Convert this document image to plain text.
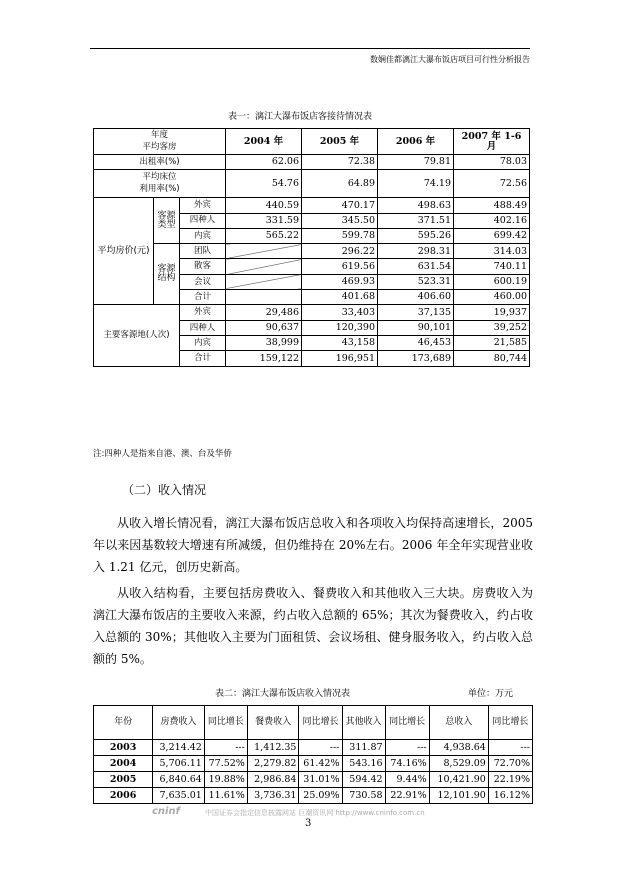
数娴佳都漓江大瀑布饭店项目可行性分析报告
表一：漓江大瀑布饭店客接待情况表
年度
平均客房			2004 年	2005 年	2006 年	2007 年 1-6 月
出租率(%)			62.06	72.38	79.81	78.03
平均床位
利用率(%)			54.76	64.89	74.19	72.56
平均房价(元)	客源类型	外宾	440.59	470.17	498.63	488.49
		四种人	331.59	345.50	371.51	402.16
		内宾	565.22	599.78	595.26	699.42
	客源结构	团队		296.22	298.31	314.03
		散客		619.56	631.54	740.11
		会议		469.93	523.31	600.19
		合计		401.68	406.60	460.00
主要客源地(人次)		外宾	29,486	33,403	37,135	19,937
		四种人	90,637	120,390	90,101	39,252
		内宾	38,999	43,158	46,453	21,585
		合计	159,122	196,951	173,689	80,744
注:四种人是指来自港、澳、台及华侨
（二）收入情况

从收入增长情况看，漓江大瀑布饭店总收入和各项收入均保持高速增长，2005 年以来因基数较大增速有所减缓，但仍维持在 20%左右。2006 年全年实现营业收入 1.21 亿元，创历史新高。

从收入结构看，主要包括房费收入、餐费收入和其他收入三大块。房费收入为漓江大瀑布饭店的主要收入来源，约占收入总额的 65%；其次为餐费收入，约占收入总额的 30%；其他收入主要为门面租赁、会议场租、健身服务收入，约占收入总额的 5%。

表二：漓江大瀑布饭店收入情况表	单位：万元
年份	房费收入	同比增长	餐费收入	同比增长	其他收入	同比增长	总收入	同比增长
2003	3,214.42	---	1,412.35	---	311.87	---	4,938.64	---
2004	5,706.11	77.52%	2,279.82	61.42%	543.16	74.16%	8,529.09	72.70%
2005	6,840.64	19.88%	2,986.84	31.01%	594.42	9.44%	10,421.90	22.19%
2006	7,635.01	11.61%	3,736.31	25.09%	730.58	22.91%	12,101.90	16.12%
cninf	中国证券会指定信息披露网站 巨潮资讯网 http://www.cninfo.com.cn
3
